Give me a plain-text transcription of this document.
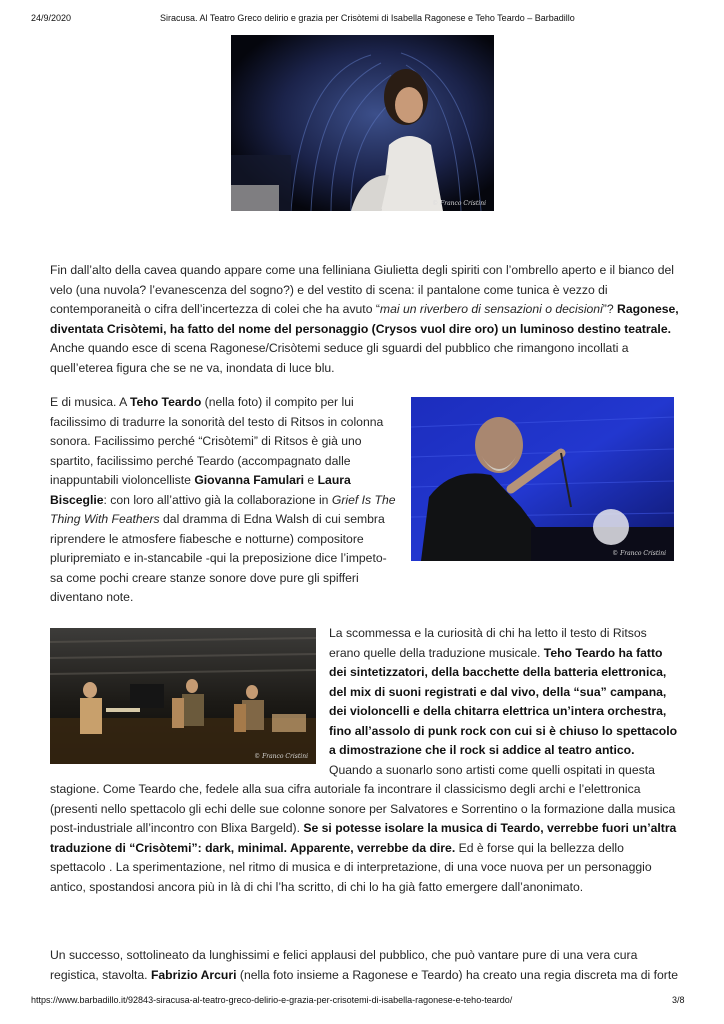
24/9/2020	Siracusa. Al Teatro Greco delirio e grazia per Crisòtemi di Isabella Ragonese e Teho Teardo – Barbadillo
© Franco Cristini

Fin dall’alto della cavea quando appare come una felliniana Giulietta degli spiriti con l’ombrello aperto e il bianco del
velo (una nuvola? l’evanescenza del sogno?) e del vestito di scena: il pantalone come tunica è vezzo di
contemporaneità o cifra dell’incertezza di colei che ha avuto “mai un riverbero di sensazioni o decisioni”? Ragonese,
diventata Crisòtemi, ha fatto del nome del personaggio (Crysos vuol dire oro) un luminoso destino teatrale.
Anche quando esce di scena Ragonese/Crisòtemi seduce gli sguardi del pubblico che rimangono incollati a
quell’eterea figura che se ne va, inondata di luce blu.

E di musica. A Teho Teardo (nella foto) il compito per lui
facilissimo di tradurre la sonorità del testo di Ritsos in colonna
sonora. Facilissimo perché “Crisòtemi” di Ritsos è già uno
spartito, facilissimo perché Teardo (accompagnato dalle
inappuntabili violoncelliste Giovanna Famulari e Laura
Bisceglie: con loro all’attivo già la collaborazione in Grief Is The
Thing With Feathers dal dramma di Edna Walsh di cui sembra
riprendere le atmosfere fiabesche e notturne) compositore
pluripremiato e in-stancabile -qui la preposizione dice l’impeto-
sa come pochi creare stanze sonore dove pure gli spifferi
diventano note.

© Franco Cristini
© Franco Cristini

La scommessa e la curiosità di chi ha letto il testo di Ritsos
erano quelle della traduzione musicale. Teho Teardo ha fatto
dei sintetizzatori, della bacchette della batteria elettronica,
del mix di suoni registrati e dal vivo, della “sua” campana,
dei violoncelli e della chitarra elettrica un’intera orchestra,
fino all’assolo di punk rock con cui si è chiuso lo spettacolo
a dimostrazione che il rock si addice al teatro antico.
Quando a suonarlo sono artisti come quelli ospitati in questa

stagione. Come Teardo che, fedele alla sua cifra autoriale fa incontrare il classicismo degli archi e l’elettronica
(presenti nello spettacolo gli echi delle sue colonne sonore per Salvatores e Sorrentino o la formazione dalla musica
post-industriale all’incontro con Blixa Bargeld). Se si potesse isolare la musica di Teardo, verrebbe fuori un’altra
traduzione di “Crisòtemi”: dark, minimal. Apparente, verrebbe da dire. Ed è forse qui la bellezza dello
spettacolo . La sperimentazione, nel ritmo di musica e di interpretazione, di una voce nuova per un personaggio
antico, spostandosi ancora più in là di chi l’ha scritto, di chi lo ha già fatto emergere dall’anonimato.

Un successo, sottolineato da lunghissimi e felici applausi del pubblico, che può vantare pure di una vera cura
registica, stavolta. Fabrizio Arcuri (nella foto insieme a Ragonese e Teardo) ha creato una regia discreta ma di forte

https://www.barbadillo.it/92843-siracusa-al-teatro-greco-delirio-e-grazia-per-crisotemi-di-isabella-ragonese-e-teho-teardo/	3/8
